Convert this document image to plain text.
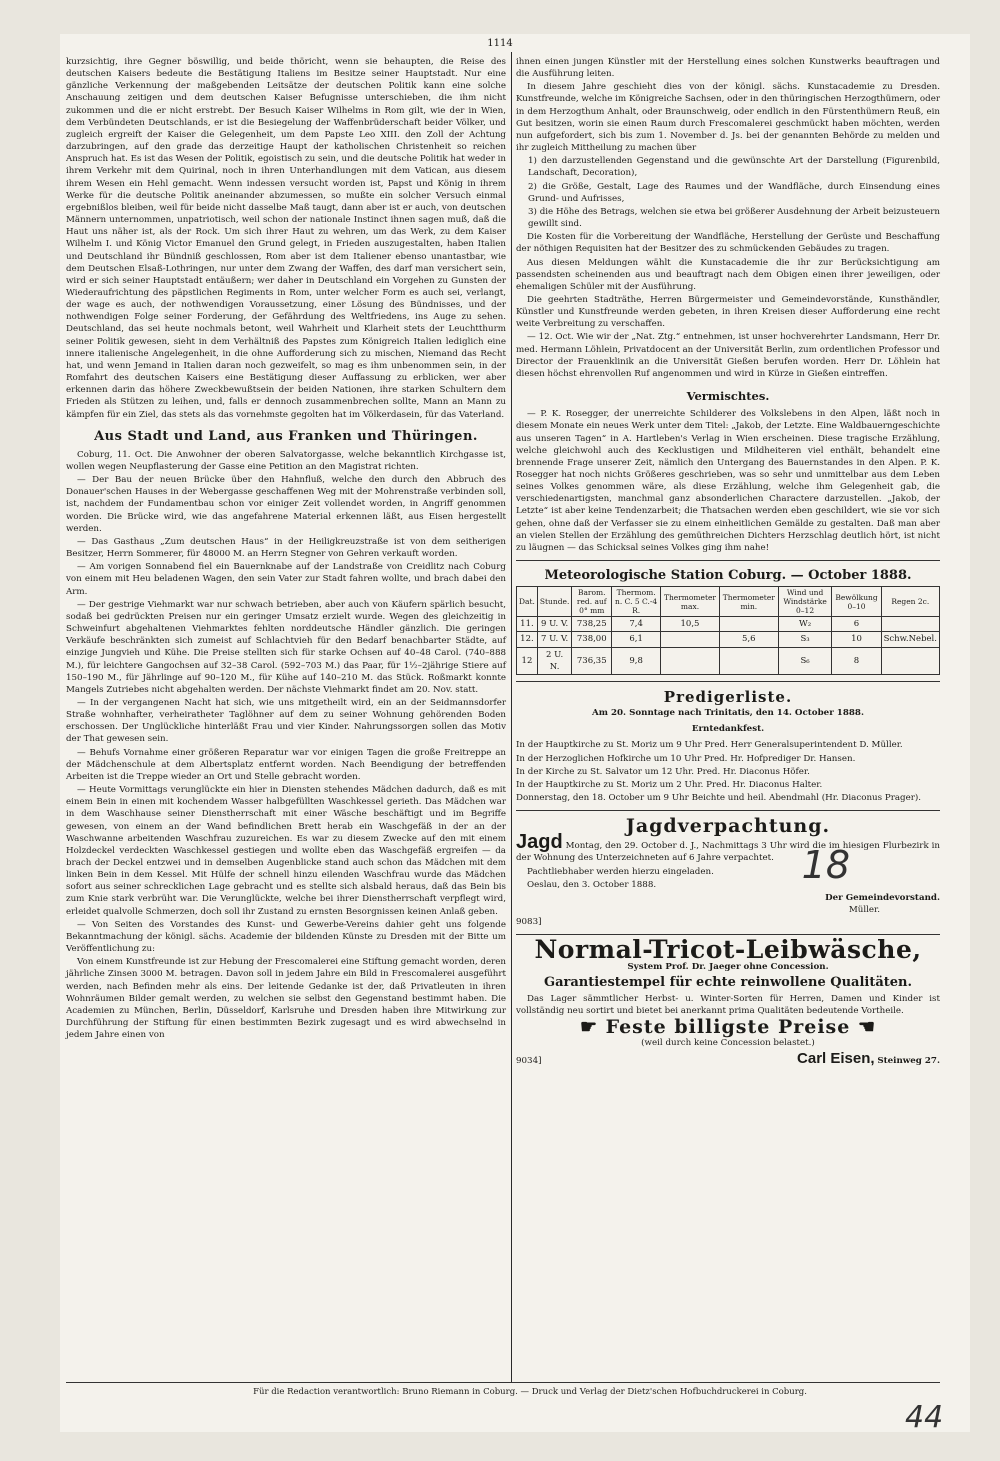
1114

kurzsichtig, ihre Gegner böswillig, und beide thöricht, wenn sie behaupten, die Reise des deutschen Kaisers bedeute die Bestätigung Italiens im Besitze seiner Hauptstadt. Nur eine gänzliche Verkennung der maßgebenden Leitsätze der deutschen Politik kann eine solche Anschauung zeitigen und dem deutschen Kaiser Befugnisse unterschieben, die ihm nicht zukommen und die er nicht erstrebt. Der Besuch Kaiser Wilhelms in Rom gilt, wie der in Wien, dem Verbündeten Deutschlands, er ist die Besiegelung der Waffenbrüderschaft beider Völker, und zugleich ergreift der Kaiser die Gelegenheit, um dem Papste Leo XIII. den Zoll der Achtung darzubringen, auf den grade das derzeitige Haupt der katholischen Christenheit so reichen Anspruch hat. Es ist das Wesen der Politik, egoistisch zu sein, und die deutsche Politik hat weder in ihrem Verkehr mit dem Quirinal, noch in ihren Unterhandlungen mit dem Vatican, aus diesem ihrem Wesen ein Hehl gemacht. Wenn indessen versucht worden ist, Papst und König in ihrem Werke für die deutsche Politik aneinander abzumessen, so mußte ein solcher Versuch einmal ergebnißlos bleiben, weil für beide nicht dasselbe Maß taugt, dann aber ist er auch, von deutschen Männern unternommen, unpatriotisch, weil schon der nationale Instinct ihnen sagen muß, daß die Haut uns näher ist, als der Rock. Um sich ihrer Haut zu wehren, um das Werk, zu dem Kaiser Wilhelm I. und König Victor Emanuel den Grund gelegt, in Frieden auszugestalten, haben Italien und Deutschland ihr Bündniß geschlossen, Rom aber ist dem Italiener ebenso unantastbar, wie dem Deutschen Elsaß-Lothringen, nur unter dem Zwang der Waffen, des darf man versichert sein, wird er sich seiner Hauptstadt entäußern; wer daher in Deutschland ein Vorgehen zu Gunsten der Wiederaufrichtung des päpstlichen Regiments in Rom, unter welcher Form es auch sei, verlangt, der wage es auch, der nothwendigen Voraussetzung, einer Lösung des Bündnisses, und der nothwendigen Folge seiner Forderung, der Gefährdung des Weltfriedens, ins Auge zu sehen. Deutschland, das sei heute nochmals betont, weil Wahrheit und Klarheit stets der Leuchtthurm seiner Politik gewesen, sieht in dem Verhältniß des Papstes zum Königreich Italien lediglich eine innere italienische Angelegenheit, in die ohne Aufforderung sich zu mischen, Niemand das Recht hat, und wenn Jemand in Italien daran noch gezweifelt, so mag es ihm unbenommen sein, in der Romfahrt des deutschen Kaisers eine Bestätigung dieser Auffassung zu erblicken, wer aber erkennen darin das höhere Zweckbewußtsein der beiden Nationen, ihre starken Schultern dem Frieden als Stützen zu leihen, und, falls er dennoch zusammenbrechen sollte, Mann an Mann zu kämpfen für ein Ziel, das stets als das vornehmste gegolten hat im Völkerdasein, für das Vaterland.

Aus Stadt und Land, aus Franken und Thüringen.

Coburg, 11. Oct. Die Anwohner der oberen Salvatorgasse, welche bekanntlich Kirchgasse ist, wollen wegen Neupflasterung der Gasse eine Petition an den Magistrat richten.

— Der Bau der neuen Brücke über den Hahnfluß, welche den durch den Abbruch des Donauer'schen Hauses in der Webergasse geschaffenen Weg mit der Mohrenstraße verbinden soll, ist, nachdem der Fundamentbau schon vor einiger Zeit vollendet worden, in Angriff genommen worden. Die Brücke wird, wie das angefahrene Material erkennen läßt, aus Eisen hergestellt werden.

— Das Gasthaus „Zum deutschen Haus“ in der Heiligkreuzstraße ist von dem seitherigen Besitzer, Herrn Sommerer, für 48000 M. an Herrn Stegner von Gehren verkauft worden.

— Am vorigen Sonnabend fiel ein Bauernknabe auf der Landstraße von Creidlitz nach Coburg von einem mit Heu beladenen Wagen, den sein Vater zur Stadt fahren wollte, und brach dabei den Arm.

— Der gestrige Viehmarkt war nur schwach betrieben, aber auch von Käufern spärlich besucht, sodaß bei gedrückten Preisen nur ein geringer Umsatz erzielt wurde. Wegen des gleichzeitig in Schweinfurt abgehaltenen Viehmarktes fehlten norddeutsche Händler gänzlich. Die geringen Verkäufe beschränkten sich zumeist auf Schlachtvieh für den Bedarf benachbarter Städte, auf einzige Jungvieh und Kühe. Die Preise stellten sich für starke Ochsen auf 40–48 Carol. (740–888 M.), für leichtere Gangochsen auf 32–38 Carol. (592–703 M.) das Paar, für 1½–2jährige Stiere auf 150–190 M., für Jährlinge auf 90–120 M., für Kühe auf 140–210 M. das Stück. Roßmarkt konnte Mangels Zutriebes nicht abgehalten werden. Der nächste Viehmarkt findet am 20. Nov. statt.

— In der vergangenen Nacht hat sich, wie uns mitgetheilt wird, ein an der Seidmannsdorfer Straße wohnhafter, verheiratheter Taglöhner auf dem zu seiner Wohnung gehörenden Boden erschossen. Der Unglückliche hinterläßt Frau und vier Kinder. Nahrungssorgen sollen das Motiv der That gewesen sein.

— Behufs Vornahme einer größeren Reparatur war vor einigen Tagen die große Freitreppe an der Mädchenschule at dem Albertsplatz entfernt worden. Nach Beendigung der betreffenden Arbeiten ist die Treppe wieder an Ort und Stelle gebracht worden.

— Heute Vormittags verunglückte ein hier in Diensten stehendes Mädchen dadurch, daß es mit einem Bein in einen mit kochendem Wasser halbgefüllten Waschkessel gerieth. Das Mädchen war in dem Waschhause seiner Dienstherrschaft mit einer Wäsche beschäftigt und im Begriffe gewesen, von einem an der Wand befindlichen Brett herab ein Waschgefäß in der an der Waschwanne arbeitenden Waschfrau zuzureichen. Es war zu diesem Zwecke auf den mit einem Holzdeckel verdeckten Waschkessel gestiegen und wollte eben das Waschgefäß ergreifen — da brach der Deckel entzwei und in demselben Augenblicke stand auch schon das Mädchen mit dem linken Bein in dem Kessel. Mit Hülfe der schnell hinzu eilenden Waschfrau wurde das Mädchen sofort aus seiner schrecklichen Lage gebracht und es stellte sich alsbald heraus, daß das Bein bis zum Knie stark verbrüht war. Die Verunglückte, welche bei ihrer Dienstherrschaft verpflegt wird, erleidet qualvolle Schmerzen, doch soll ihr Zustand zu ernsten Besorgnissen keinen Anlaß geben.

— Von Seiten des Vorstandes des Kunst- und Gewerbe-Vereins dahier geht uns folgende Bekanntmachung der königl. sächs. Academie der bildenden Künste zu Dresden mit der Bitte um Veröffentlichung zu:

Von einem Kunstfreunde ist zur Hebung der Frescomalerei eine Stiftung gemacht worden, deren jährliche Zinsen 3000 M. betragen. Davon soll in jedem Jahre ein Bild in Frescomalerei ausgeführt werden, nach Befinden mehr als eins. Der leitende Gedanke ist der, daß Privatleuten in ihren Wohnräumen Bilder gemalt werden, zu welchen sie selbst den Gegenstand bestimmt haben. Die Academien zu München, Berlin, Düsseldorf, Karlsruhe und Dresden haben ihre Mitwirkung zur Durchführung der Stiftung für einen bestimmten Bezirk zugesagt und es wird abwechselnd in jedem Jahre einen von

ihnen einen jungen Künstler mit der Herstellung eines solchen Kunstwerks beauftragen und die Ausführung leiten.

In diesem Jahre geschieht dies von der königl. sächs. Kunstacademie zu Dresden. Kunstfreunde, welche im Königreiche Sachsen, oder in den thüringischen Herzogthümern, oder in dem Herzogthum Anhalt, oder Braunschweig, oder endlich in den Fürstenthümern Reuß, ein Gut besitzen, worin sie einen Raum durch Frescomalerei geschmückt haben möchten, werden nun aufgefordert, sich bis zum 1. November d. Js. bei der genannten Behörde zu melden und ihr zugleich Mittheilung zu machen über

1) den darzustellenden Gegenstand und die gewünschte Art der Darstellung (Figurenbild, Landschaft, Decoration),

2) die Größe, Gestalt, Lage des Raumes und der Wandfläche, durch Einsendung eines Grund- und Aufrisses,

3) die Höhe des Betrags, welchen sie etwa bei größerer Ausdehnung der Arbeit beizusteuern gewillt sind.

Die Kosten für die Vorbereitung der Wandfläche, Herstellung der Gerüste und Beschaffung der nöthigen Requisiten hat der Besitzer des zu schmückenden Gebäudes zu tragen.

Aus diesen Meldungen wählt die Kunstacademie die ihr zur Berücksichtigung am passendsten scheinenden aus und beauftragt nach dem Obigen einen ihrer jeweiligen, oder ehemaligen Schüler mit der Ausführung.

Die geehrten Stadträthe, Herren Bürgermeister und Gemeindevorstände, Kunsthändler, Künstler und Kunstfreunde werden gebeten, in ihren Kreisen dieser Aufforderung eine recht weite Verbreitung zu verschaffen.

— 12. Oct. Wie wir der „Nat. Ztg.“ entnehmen, ist unser hochverehrter Landsmann, Herr Dr. med. Hermann Löhlein, Privatdocent an der Universität Berlin, zum ordentlichen Professor und Director der Frauenklinik an die Universität Gießen berufen worden. Herr Dr. Löhlein hat diesen höchst ehrenvollen Ruf angenommen und wird in Kürze in Gießen eintreffen.

Vermischtes.

— P. K. Rosegger, der unerreichte Schilderer des Volkslebens in den Alpen, läßt noch in diesem Monate ein neues Werk unter dem Titel: „Jakob, der Letzte. Eine Waldbauerngeschichte aus unseren Tagen“ in A. Hartleben's Verlag in Wien erscheinen. Diese tragische Erzählung, welche gleichwohl auch des Kecklustigen und Mildheiteren viel enthält, behandelt eine brennende Frage unserer Zeit, nämlich den Untergang des Bauernstandes in den Alpen. P. K. Rosegger hat noch nichts Größeres geschrieben, was so sehr und unmittelbar aus dem Leben seines Volkes genommen wäre, als diese Erzählung, welche ihm Gelegenheit gab, die verschiedenartigsten, manchmal ganz absonderlichen Charactere darzustellen. „Jakob, der Letzte“ ist aber keine Tendenzarbeit; die Thatsachen werden eben geschildert, wie sie vor sich gehen, ohne daß der Verfasser sie zu einem einheitlichen Gemälde zu gestalten. Daß man aber an vielen Stellen der Erzählung des gemüthreichen Dichters Herzschlag deutlich hört, ist nicht zu läugnen — das Schicksal seines Volkes ging ihm nahe!

Meteorologische Station Coburg. — October 1888.
Dat.	Stunde.	Barom. red. auf 0° mm	Thermom. n. C. 5 C.-4 R.	Thermometer max.	Thermometer min.	Wind und Windstärke 0–12	Bewölkung 0–10	Regen 2c.
11.	9 U. V.	738,25	7,4	10,5		W₂	6	
12.	7 U. V.	738,00	6,1		5,6	S₃	10	Schw.Nebel.
12	2 U. N.	736,35	9,8			S₆	8	
Predigerliste.
Am 20. Sonntage nach Trinitatis, den 14. October 1888.
Erntedankfest.

In der Hauptkirche zu St. Moriz um 9 Uhr Pred. Herr Generalsuperintendent D. Müller.

In der Herzoglichen Hofkirche um 10 Uhr Pred. Hr. Hofprediger Dr. Hansen.

In der Kirche zu St. Salvator um 12 Uhr. Pred. Hr. Diaconus Höfer.

In der Hauptkirche zu St. Moriz um 2 Uhr. Pred. Hr. Diaconus Halter.

Donnerstag, den 18. October um 9 Uhr Beichte und heil. Abendmahl (Hr. Diaconus Prager).

Jagdverpachtung.

Jagd Montag, den 29. October d. J., Nachmittags 3 Uhr wird die im hiesigen Flurbezirk in der Wohnung des Unterzeichneten auf 6 Jahre verpachtet.

Pachtliebhaber werden hierzu eingeladen.

Oeslau, den 3. October 1888.

Der Gemeindevorstand.
Müller.
9083]
18
Normal-Tricot-Leibwäsche,
System Prof. Dr. Jaeger ohne Concession.
Garantiestempel für echte reinwollene Qualitäten.

Das Lager sämmtlicher Herbst- u. Winter-Sorten für Herren, Damen und Kinder ist vollständig neu sortirt und bietet bei anerkannt prima Qualitäten bedeutende Vortheile.

☛ Feste billigste Preise ☚
(weil durch keine Concession belastet.)
9034]	Carl Eisen, Steinweg 27.
Für die Redaction verantwortlich: Bruno Riemann in Coburg. — Druck und Verlag der Dietz'schen Hofbuchdruckerei in Coburg.
44
